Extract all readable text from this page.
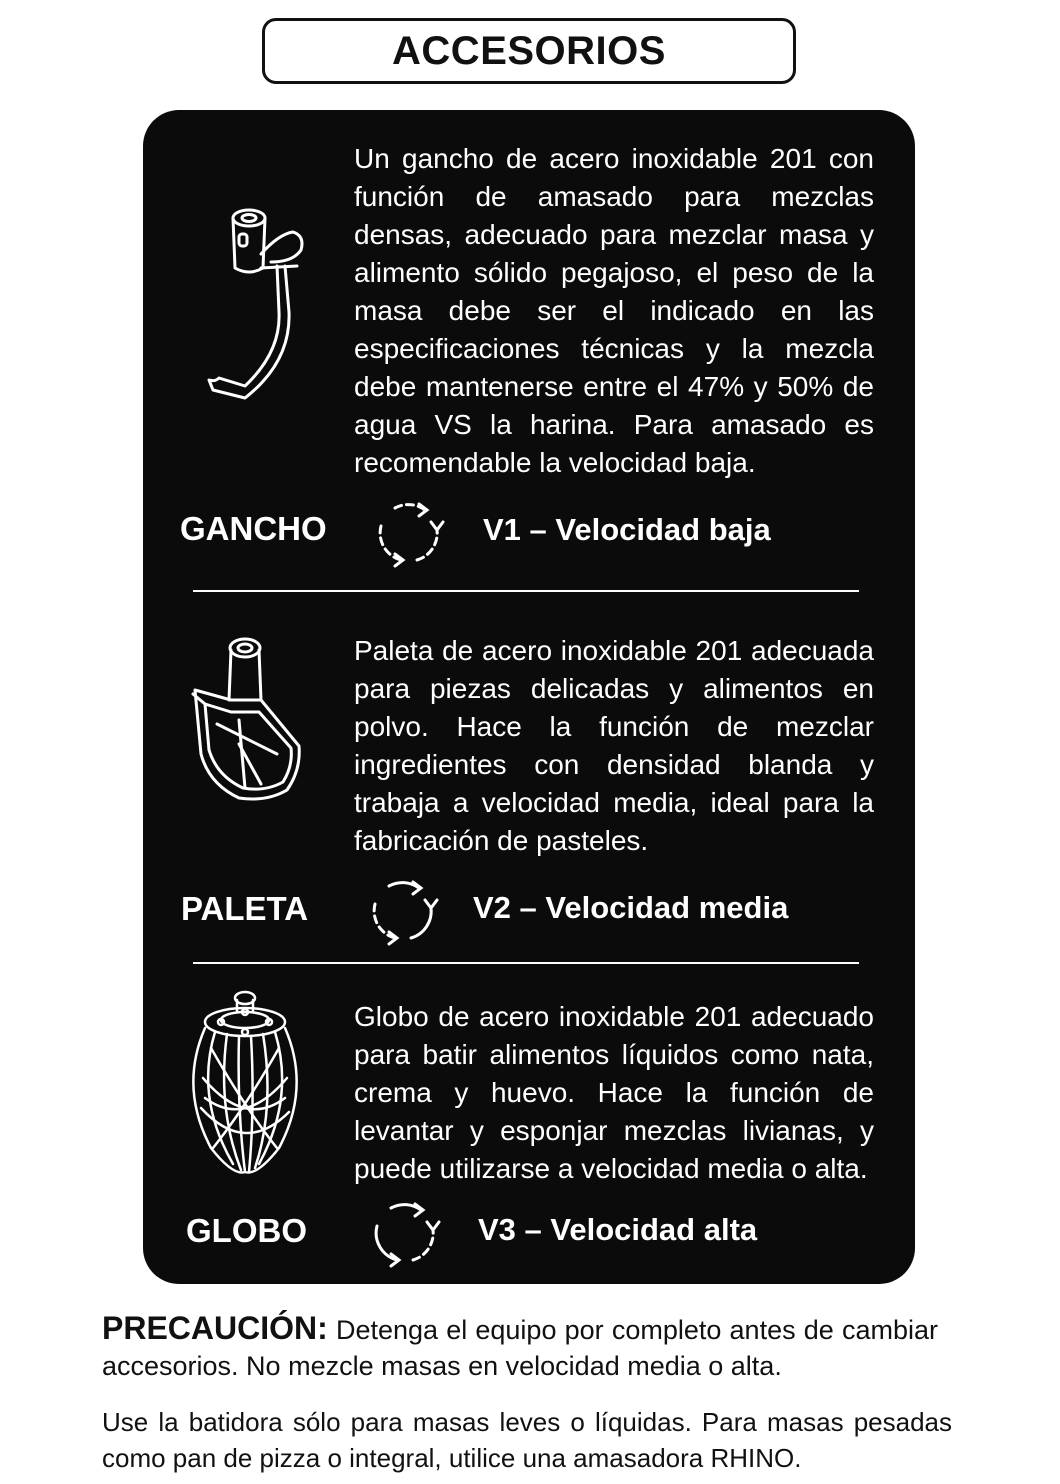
ACCESORIOS

Un gancho de acero inoxidable 201 con función de amasado para mezclas densas, adecuado para mezclar masa y alimento sólido pegajoso, el peso de la masa debe ser el indicado en las especificaciones técnicas y la mezcla debe mantenerse entre el 47% y 50% de agua VS la harina. Para amasado es recomendable la velocidad baja.

GANCHO	V1 – Velocidad baja

Paleta de acero inoxidable 201 adecuada para piezas delicadas y alimentos en polvo. Hace la función de mezclar ingredientes con densidad blanda y trabaja a velocidad media, ideal para la fabricación de pasteles.

PALETA	V2 – Velocidad media

Globo de acero inoxidable 201 adecuado para batir alimentos líquidos como nata, crema y huevo. Hace la función de levantar y esponjar mezclas livianas, y puede utilizarse a velocidad media o alta.

GLOBO	V3 – Velocidad alta

PRECAUCIÓN: Detenga el equipo por completo antes de cambiar accesorios. No mezcle masas en velocidad media o alta.

Use la batidora sólo para masas leves o líquidas. Para masas pesadas como pan de pizza o integral, utilice una amasadora RHINO.
